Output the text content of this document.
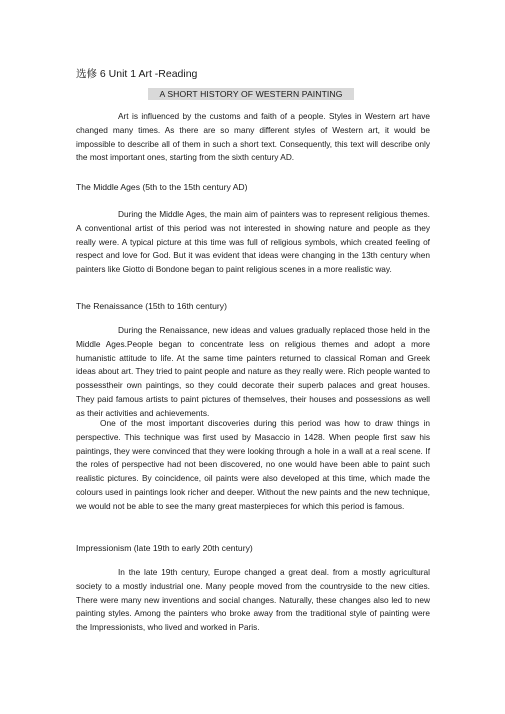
选修 6 Unit 1 Art -Reading
A SHORT HISTORY OF WESTERN PAINTING

Art is influenced by the customs and faith of a people. Styles in Western art have changed many times. As there are so many different styles of Western art, it would be impossible to describe all of them in such a short text. Consequently, this text will describe only the most important ones, starting from the sixth century AD.

The Middle Ages (5th to the 15th century AD)

During the Middle Ages, the main aim of painters was to represent religious themes. A conventional artist of this period was not interested in showing nature and people as they really were. A typical picture at this time was full of religious symbols, which created feeling of respect and love for God. But it was evident that ideas were changing in the 13th century when painters like Giotto di Bondone began to paint religious scenes in a more realistic way.

The Renaissance (15th to 16th century)

During the Renaissance, new ideas and values gradually replaced those held in the Middle Ages.People began to concentrate less on religious themes and adopt a more humanistic attitude to life. At the same time painters returned to classical Roman and Greek ideas about art. They tried to paint people and nature as they really were. Rich people wanted to possesstheir own paintings, so they could decorate their superb palaces and great houses. They paid famous artists to paint pictures of themselves, their houses and possessions as well as their activities and achievements.

One of the most important discoveries during this period was how to draw things in perspective. This technique was first used by Masaccio in 1428. When people first saw his paintings, they were convinced that they were looking through a hole in a wall at a real scene. If the roles of perspective had not been discovered, no one would have been able to paint such realistic pictures. By coincidence, oil paints were also developed at this time, which made the colours used in paintings look richer and deeper. Without the new paints and the new technique, we would not be able to see the many great masterpieces for which this period is famous.

Impressionism (late 19th to early 20th century)

In the late 19th century, Europe changed a great deal. from a mostly agricultural society to a mostly industrial one. Many people moved from the countryside to the new cities. There were many new inventions and social changes. Naturally, these changes also led to new painting styles. Among the painters who broke away from the traditional style of painting were the Impressionists, who lived and worked in Paris.
